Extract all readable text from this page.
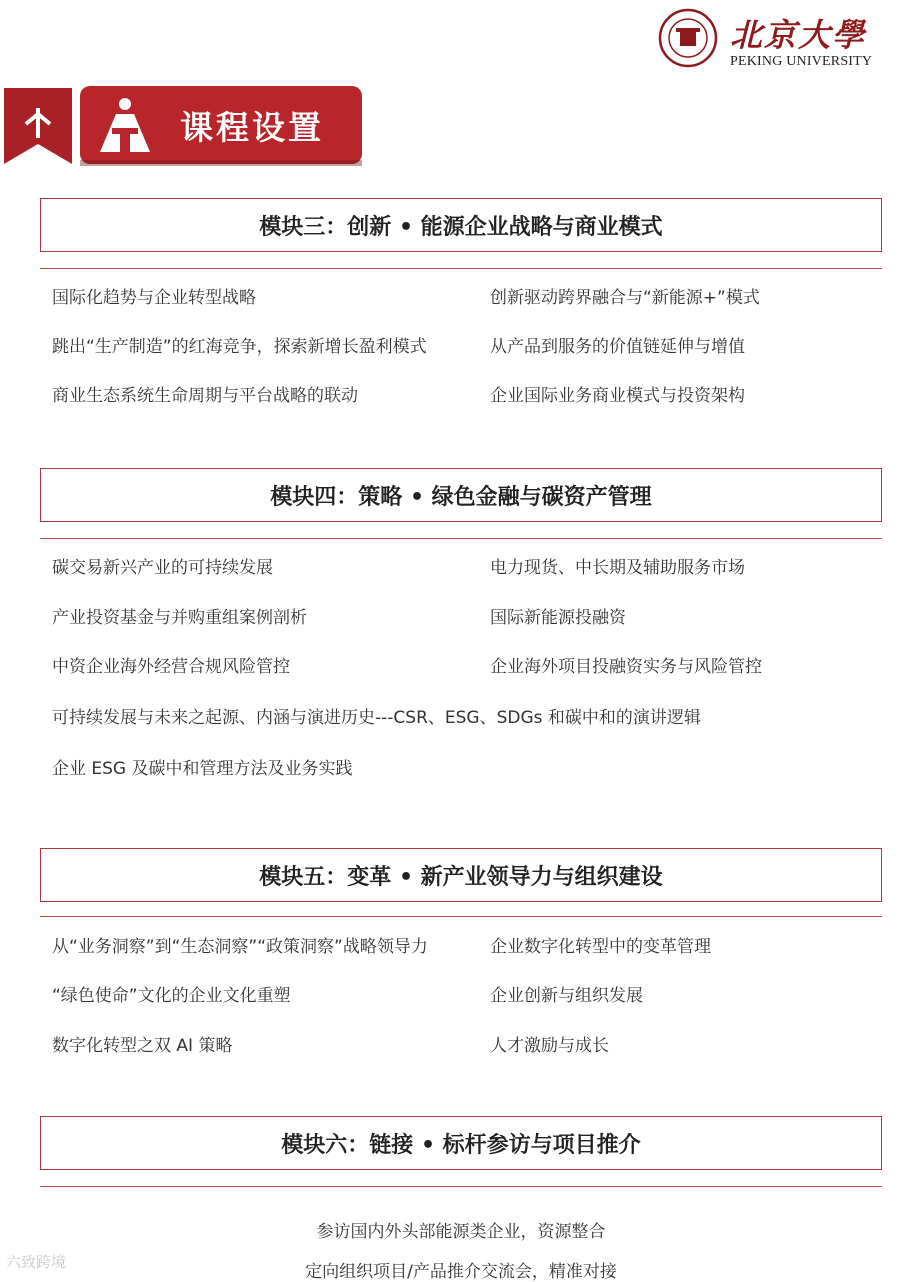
北京大學
PEKING UNIVERSITY
课程设置
模块三：创新 • 能源企业战略与商业模式
国际化趋势与企业转型战略	创新驱动跨界融合与“新能源+”模式
跳出“生产制造”的红海竞争，探索新增长盈利模式	从产品到服务的价值链延伸与增值
商业生态系统生命周期与平台战略的联动	企业国际业务商业模式与投资架构
模块四：策略 • 绿色金融与碳资产管理
碳交易新兴产业的可持续发展	电力现货、中长期及辅助服务市场
产业投资基金与并购重组案例剖析	国际新能源投融资
中资企业海外经营合规风险管控	企业海外项目投融资实务与风险管控
可持续发展与未来之起源、内涵与演进历史---CSR、ESG、SDGs 和碳中和的演讲逻辑
企业 ESG 及碳中和管理方法及业务实践
模块五：变革 • 新产业领导力与组织建设
从“业务洞察”到“生态洞察”“政策洞察”战略领导力	企业数字化转型中的变革管理
“绿色使命”文化的企业文化重塑	企业创新与组织发展
数字化转型之双 AI 策略	人才激励与成长
模块六：链接 • 标杆参访与项目推介
参访国内外头部能源类企业，资源整合
定向组织项目/产品推介交流会，精准对接
六致跨境
